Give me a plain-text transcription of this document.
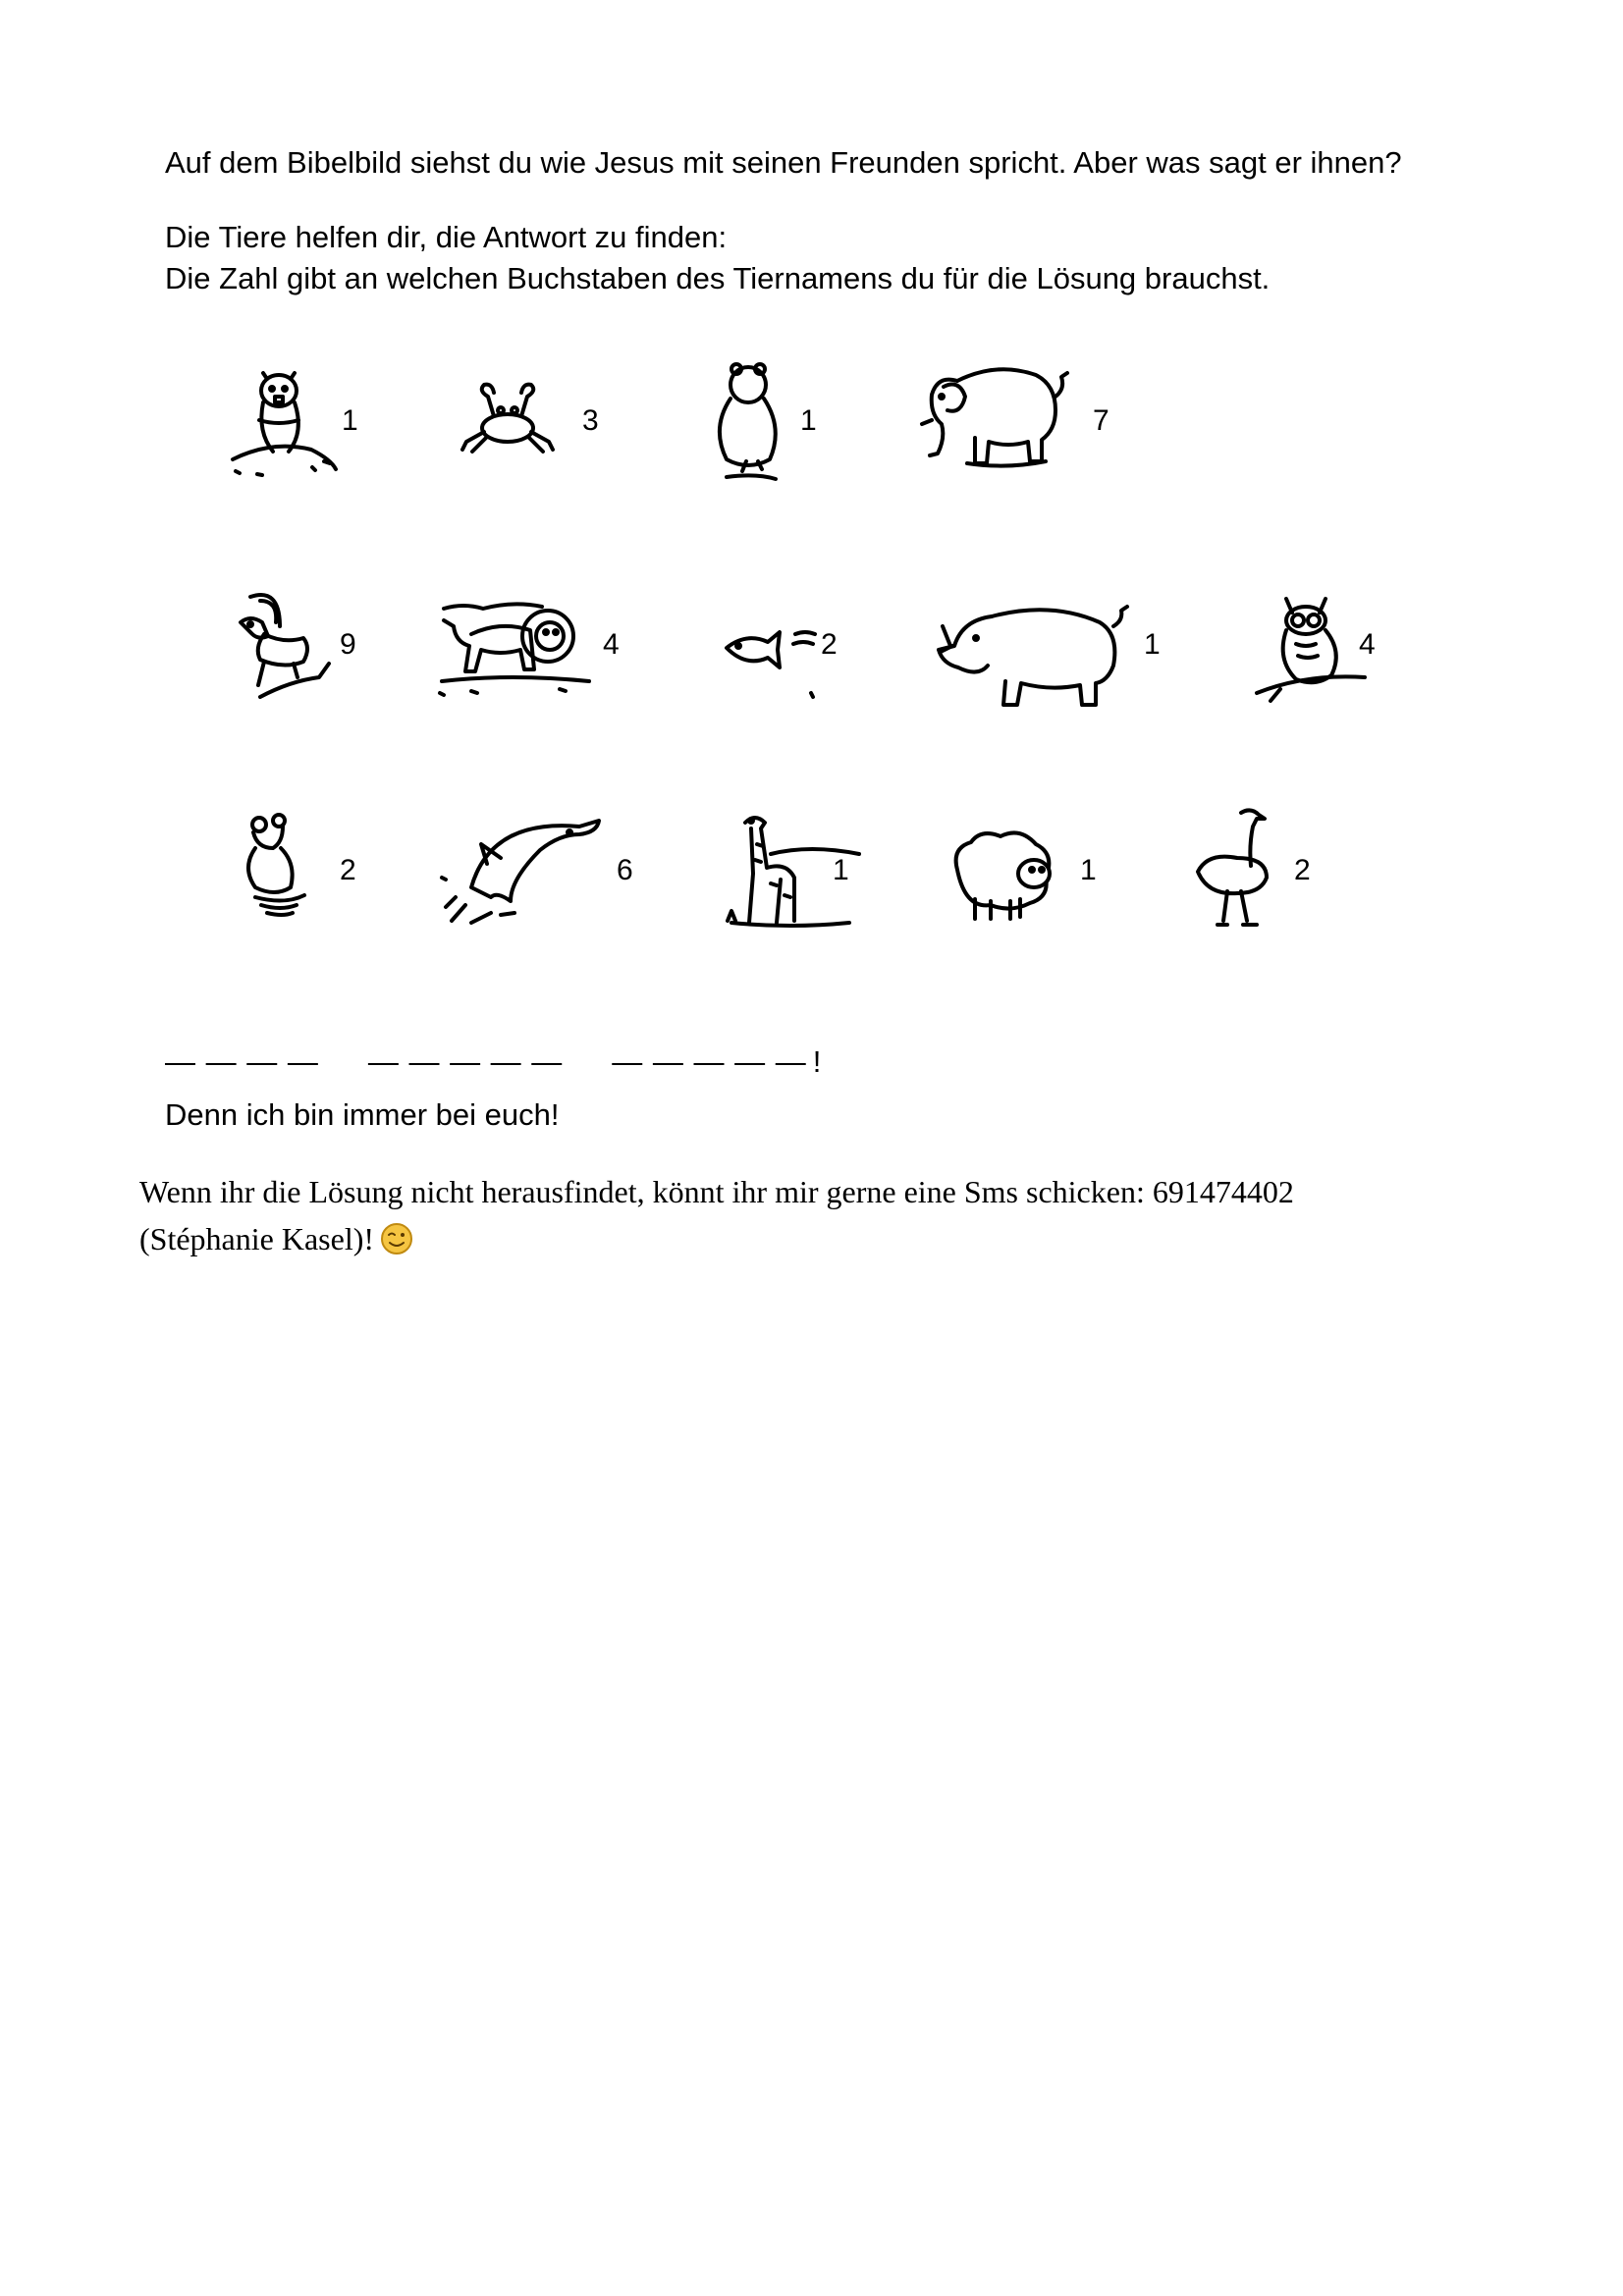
Auf dem Bibelbild siehst du wie Jesus mit seinen Freunden spricht. Aber was sagt er ihnen?
Die Tiere helfen dir, die Antwort zu finden:
Die Zahl gibt an welchen Buchstaben des Tiernamens du für die Lösung brauchst.
1	3	1	7
9	4	2	1	4
2	6	1	1	2
— — — — — — — — — — — — — — !
Denn ich bin immer bei euch!
Wenn ihr die Lösung nicht herausfindet, könnt ihr mir gerne eine Sms schicken: 691474402
(Stéphanie Kasel)!
